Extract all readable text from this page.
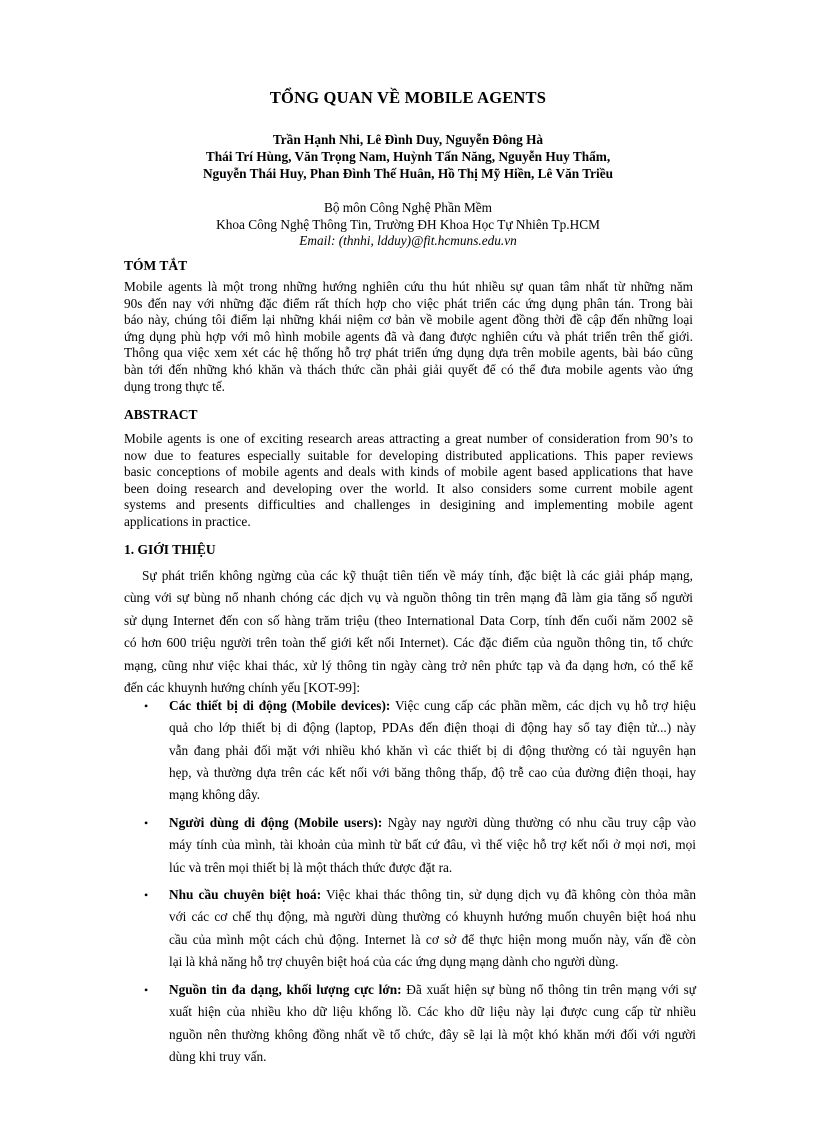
TỔNG QUAN VỀ MOBILE AGENTS
Trần Hạnh Nhi, Lê Đình Duy, Nguyễn Đông Hà
Thái Trí Hùng, Văn Trọng Nam, Huỳnh Tấn Năng, Nguyễn Huy Thẩm,
Nguyễn Thái Huy, Phan Đình Thế Huân, Hồ Thị Mỹ Hiền, Lê Văn Triều
Bộ môn Công Nghệ Phần Mềm
Khoa Công Nghệ Thông Tin, Trường ĐH Khoa Học Tự Nhiên Tp.HCM
Email: (thnhi, ldduy)@fit.hcmuns.edu.vn
TÓM TẮT
Mobile agents là một trong những hướng nghiên cứu thu hút nhiều sự quan tâm nhất từ những năm
90s đến nay với những đặc điểm rất thích hợp cho việc phát triển các ứng dụng phân tán. Trong bài
báo này, chúng tôi điểm lại những khái niệm cơ bản về mobile agent đồng thời đề cập đến những loại
ứng dụng phù hợp với mô hình mobile agents đã và đang được nghiên cứu và phát triển trên thế giới.
Thông qua việc xem xét các hệ thống hỗ trợ phát triển ứng dụng dựa trên mobile agents, bài báo cũng
bàn tới đến những khó khăn và thách thức cần phải giải quyết để có thể đưa mobile agents vào ứng
dụng trong thực tế.
ABSTRACT
Mobile agents is one of exciting research areas attracting a great number of consideration from 90’s to
now due to features especially suitable for developing distributed applications. This paper reviews
basic conceptions of mobile agents and deals with kinds of mobile agent based applications that have
been doing research and developing over the world. It also considers some current mobile agent
systems and presents difficulties and challenges in desigining and implementing mobile agent
applications in practice.
1. GIỚI THIỆU
Sự phát triển không ngừng của các kỹ thuật tiên tiến về máy tính, đặc biệt là các giải pháp mạng,
cùng với sự bùng nổ nhanh chóng các dịch vụ và nguồn thông tin trên mạng đã làm gia tăng số người
sử dụng Internet đến con số hàng trăm triệu (theo International Data Corp, tính đến cuối năm 2002 sẽ
có hơn 600 triệu người trên toàn thế giới kết nối Internet). Các đặc điểm của nguồn thông tin, tổ chức
mạng, cũng như việc khai thác, xử lý thông tin ngày càng trở nên phức tạp và đa dạng hơn, có thể kể
đến các khuynh hướng chính yếu [KOT-99]:
• Các thiết bị di động (Mobile devices): Việc cung cấp các phần mềm, các dịch vụ hỗ trợ hiệu
quả cho lớp thiết bị di động (laptop, PDAs đến điện thoại di động hay sổ tay điện tử...) này
vẫn đang phải đối mặt với nhiều khó khăn vì các thiết bị di động thường có tài nguyên hạn
hẹp, và thường dựa trên các kết nối với băng thông thấp, độ trễ cao của đường điện thoại, hay
mạng không dây.
• Người dùng di động (Mobile users): Ngày nay người dùng thường có nhu cầu truy cập vào
máy tính của mình, tài khoản của mình từ bất cứ đâu, vì thế việc hỗ trợ kết nối ở mọi nơi, mọi
lúc và trên mọi thiết bị là một thách thức được đặt ra.
• Nhu cầu chuyên biệt hoá: Việc khai thác thông tin, sử dụng dịch vụ đã không còn thỏa mãn
với các cơ chế thụ động, mà người dùng thường có khuynh hướng muốn chuyên biệt hoá nhu
cầu của mình một cách chủ động. Internet là cơ sở để thực hiện mong muốn này, vấn đề còn
lại là khả năng hỗ trợ chuyên biệt hoá của các ứng dụng mạng dành cho người dùng.
• Nguồn tin đa dạng, khối lượng cực lớn: Đã xuất hiện sự bùng nổ thông tin trên mạng với sự
xuất hiện của nhiều kho dữ liệu khổng lồ. Các kho dữ liệu này lại được cung cấp từ nhiều
nguồn nên thường không đồng nhất về tổ chức, đây sẽ lại là một khó khăn mới đối với người
dùng khi truy vấn.
